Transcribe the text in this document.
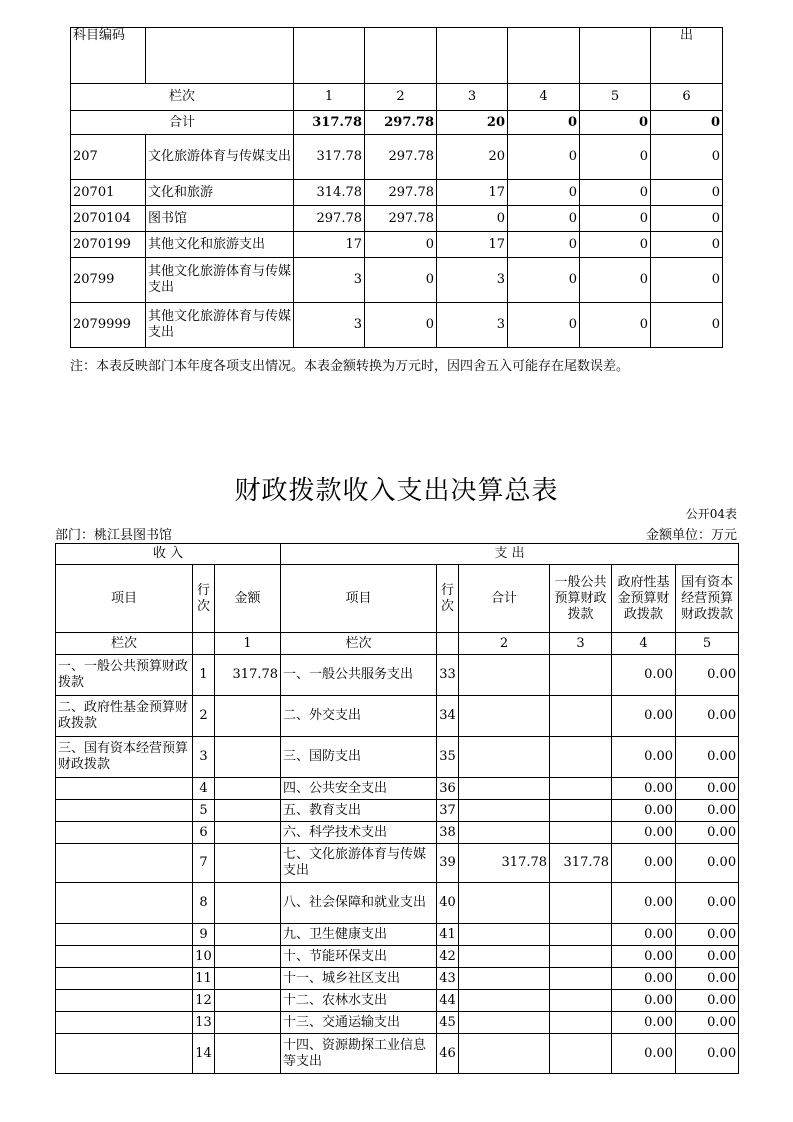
科目编码							出
栏次		1	2	3	4	5	6
合计		317.78	297.78	20	0	0	0
207	文化旅游体育与传媒支出	317.78	297.78	20	0	0	0
20701	文化和旅游	314.78	297.78	17	0	0	0
2070104	图书馆	297.78	297.78	0	0	0	0
2070199	其他文化和旅游支出	17	0	17	0	0	0
20799	其他文化旅游体育与传媒支出	3	0	3	0	0	0
2079999	其他文化旅游体育与传媒支出	3	0	3	0	0	0
注：本表反映部门本年度各项支出情况。本表金额转换为万元时，因四舍五入可能存在尾数误差。
财政拨款收入支出决算总表
公开04表
部门：桃江县图书馆	金额单位：万元
收 入			支 出					
项目	行次	金额	项目	行次	合计	一般公共预算财政拨款	政府性基金预算财政拨款	国有资本经营预算财政拨款
栏次		1	栏次		2	3	4	5
一、一般公共预算财政拨款	1	317.78	一、一般公共服务支出	33			0.00	0.00
二、政府性基金预算财政拨款	2		二、外交支出	34			0.00	0.00
三、国有资本经营预算财政拨款	3		三、国防支出	35			0.00	0.00
	4		四、公共安全支出	36			0.00	0.00
	5		五、教育支出	37			0.00	0.00
	6		六、科学技术支出	38			0.00	0.00
	7		七、文化旅游体育与传媒支出	39	317.78	317.78	0.00	0.00
	8		八、社会保障和就业支出	40			0.00	0.00
	9		九、卫生健康支出	41			0.00	0.00
	10		十、节能环保支出	42			0.00	0.00
	11		十一、城乡社区支出	43			0.00	0.00
	12		十二、农林水支出	44			0.00	0.00
	13		十三、交通运输支出	45			0.00	0.00
	14		十四、资源勘探工业信息等支出	46			0.00	0.00
